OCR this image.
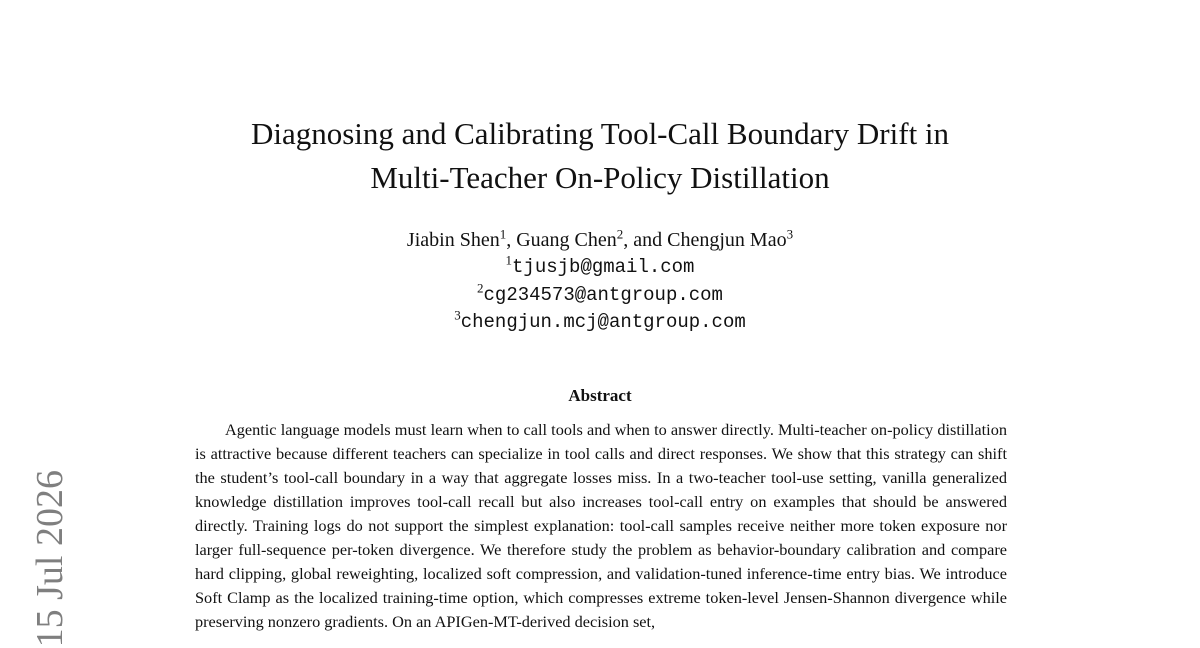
Diagnosing and Calibrating Tool-Call Boundary Drift in
Multi-Teacher On-Policy Distillation
Jiabin Shen$^1$, Guang Chen$^2$, and Chengjun Mao$^3$
$^1$tjusjb@gmail.com
$^2$cg234573@antgroup.com
$^3$chengjun.mcj@antgroup.com
Abstract

Agentic language models must learn when to call tools and when to answer directly. Multi-teacher on-policy distillation is attractive because different teachers can specialize in tool calls and direct responses. We show that this strategy can shift the student’s tool-call boundary in a way that aggregate losses miss. In a two-teacher tool-use setting, vanilla generalized knowledge distillation improves tool-call recall but also increases tool-call entry on examples that should be answered directly. Training logs do not support the simplest explanation: tool-call samples receive neither more token exposure nor larger full-sequence per-token divergence. We therefore study the problem as behavior-boundary calibration and compare hard clipping, global reweighting, localized soft compression, and validation-tuned inference-time entry bias. We introduce Soft Clamp as the localized training-time option, which compresses extreme token-level Jensen-Shannon divergence while preserving nonzero gradients. On an APIGen-MT-derived decision set,

15 Jul 2026
